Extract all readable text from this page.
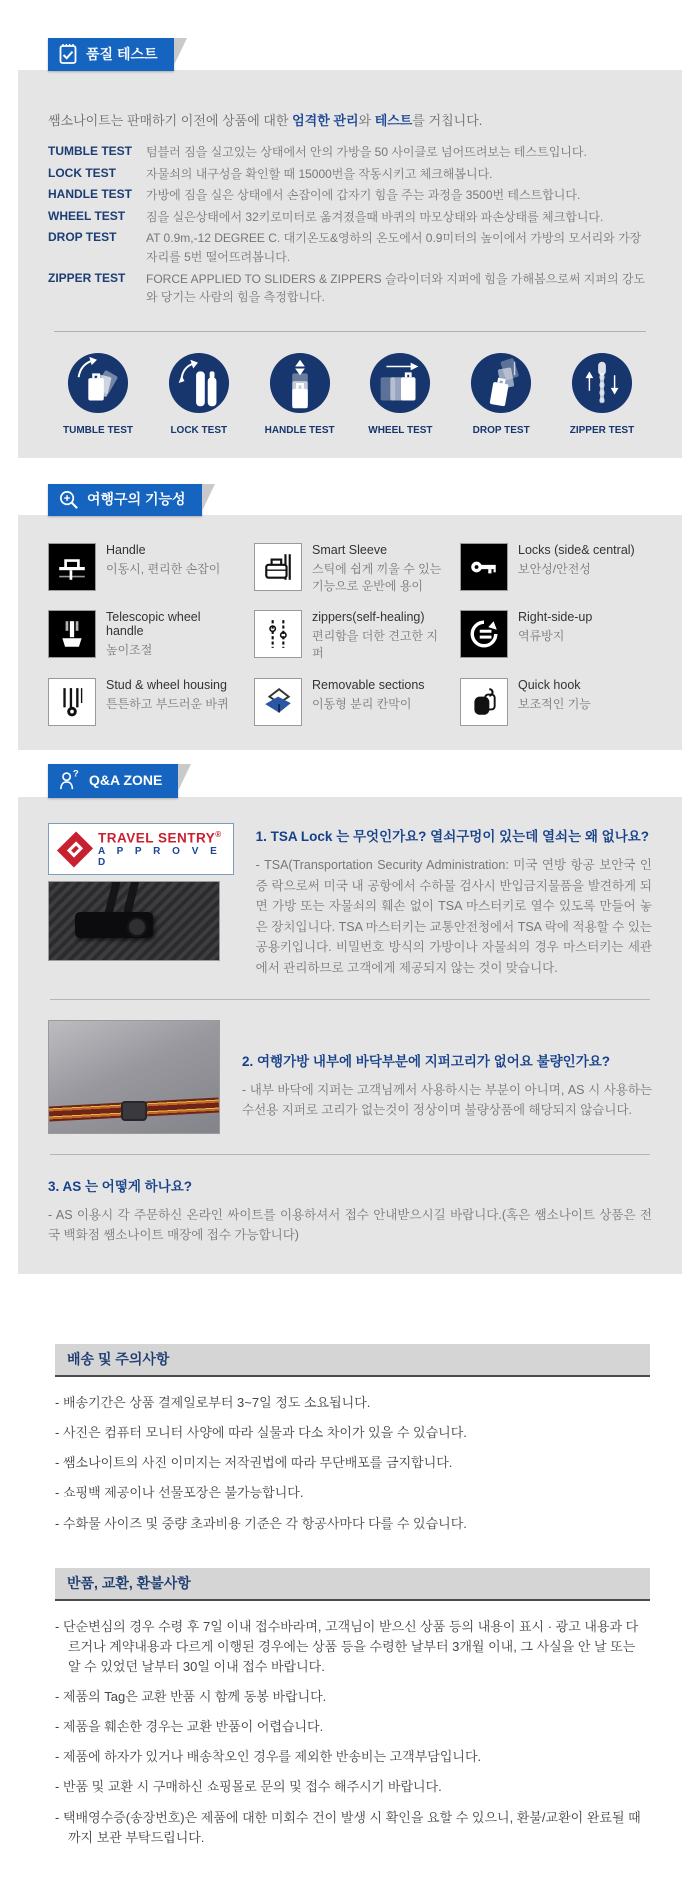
품질 테스트

쌤소나이트는 판매하기 이전에 상품에 대한 엄격한 관리와 테스트를 거칩니다.

TUMBLE TEST	텀블러 짐을 실고있는 상태에서 안의 가방을 50 사이클로 넘어뜨려보는 테스트입니다.
LOCK TEST	자물쇠의 내구성을 확인할 때 15000번을 작동시키고 체크해봅니다.
HANDLE TEST	가방에 짐을 실은 상태에서 손잡이에 갑자기 힘을 주는 과정을 3500번 테스트합니다.
WHEEL TEST	짐을 실은상태에서 32키로미터로 옮겨졌을때 바퀴의 마모상태와 파손상태를 체크합니다.
DROP TEST	AT 0.9m,-12 DEGREE C. 대기온도&영하의 온도에서 0.9미터의 높이에서 가방의 모서리와 가장자리를 5번 떨어뜨려봅니다.
ZIPPER TEST	FORCE APPLIED TO SLIDERS & ZIPPERS 슬라이더와 지퍼에 힘을 가해봄으로써 지퍼의 강도와 당기는 사람의 힘을 측정합니다.
TUMBLE TEST	LOCK TEST	HANDLE TEST	WHEEL TEST	DROP TEST	ZIPPER TEST
여행구의 기능성
Handle
이동시, 편리한 손잡이
Smart Sleeve
스틱에 쉽게 끼울 수 있는 기능으로 운반에 용이
Locks (side& central)
보안성/안전성
Telescopic wheel handle
높이조절
zippers(self-healing)
편리함을 더한 견고한 지퍼
Right-side-up
역류방지
Stud & wheel housing
튼튼하고 부드러운 바퀴
Removable sections
이동형 분리 칸막이
Quick hook
보조적인 기능
? Q&A ZONE
TRAVEL SENTRY®
A P P R O V E D
1. TSA Lock 는 무엇인가요? 열쇠구멍이 있는데 열쇠는 왜 없나요?
- TSA(Transportation Security Administration: 미국 연방 항공 보안국 인증 락으로써 미국 내 공항에서 수하물 검사시 반입금지물품을 발견하게 되면 가방 또는 자물쇠의 훼손 없이 TSA 마스터키로 열수 있도록 만들어 놓은 장치입니다. TSA 마스터키는 교통안전청에서 TSA 락에 적용할 수 있는 공용키입니다. 비밀번호 방식의 가방이나 자물쇠의 경우 마스터키는 세관에서 관리하므로 고객에게 제공되지 않는 것이 맞습니다.
2. 여행가방 내부에 바닥부분에 지퍼고리가 없어요 불량인가요?
- 내부 바닥에 지퍼는 고객님께서 사용하시는 부분이 아니며, AS 시 사용하는 수선용 지퍼로 고리가 없는것이 정상이며 불량상품에 해당되지 않습니다.
3. AS 는 어떻게 하나요?
- AS 이용시 각 주문하신 온라인 싸이트를 이용하셔서 접수 안내받으시길 바랍니다.(혹은 쌤소나이트 상품은 전국 백화점 쌤소나이트 매장에 접수 가능합니다)
배송 및 주의사항
- 배송기간은 상품 결제일로부터 3~7일 정도 소요됩니다.
- 사진은 컴퓨터 모니터 사양에 따라 실물과 다소 차이가 있을 수 있습니다.
- 쌤소나이트의 사진 이미지는 저작권법에 따라 무단배포를 금지합니다.
- 쇼핑백 제공이나 선물포장은 불가능합니다.
- 수화물 사이즈 및 중량 초과비용 기준은 각 항공사마다 다를 수 있습니다.
반품, 교환, 환불사항
- 단순변심의 경우 수령 후 7일 이내 접수바라며, 고객님이 받으신 상품 등의 내용이 표시 · 광고 내용과 다르거나 계약내용과 다르게 이행된 경우에는 상품 등을 수령한 날부터 3개월 이내, 그 사실을 안 날 또는 알 수 있었던 날부터 30일 이내 접수 바랍니다.
- 제품의 Tag은 교환 반품 시 함께 동봉 바랍니다.
- 제품을 훼손한 경우는 교환 반품이 어렵습니다.
- 제품에 하자가 있거나 배송착오인 경우를 제외한 반송비는 고객부담입니다.
- 반품 및 교환 시 구매하신 쇼핑몰로 문의 및 접수 해주시기 바랍니다.
- 택배영수증(송장번호)은 제품에 대한 미회수 건이 발생 시 확인을 요할 수 있으니, 환불/교환이 완료될 때까지 보관 부탁드립니다.
